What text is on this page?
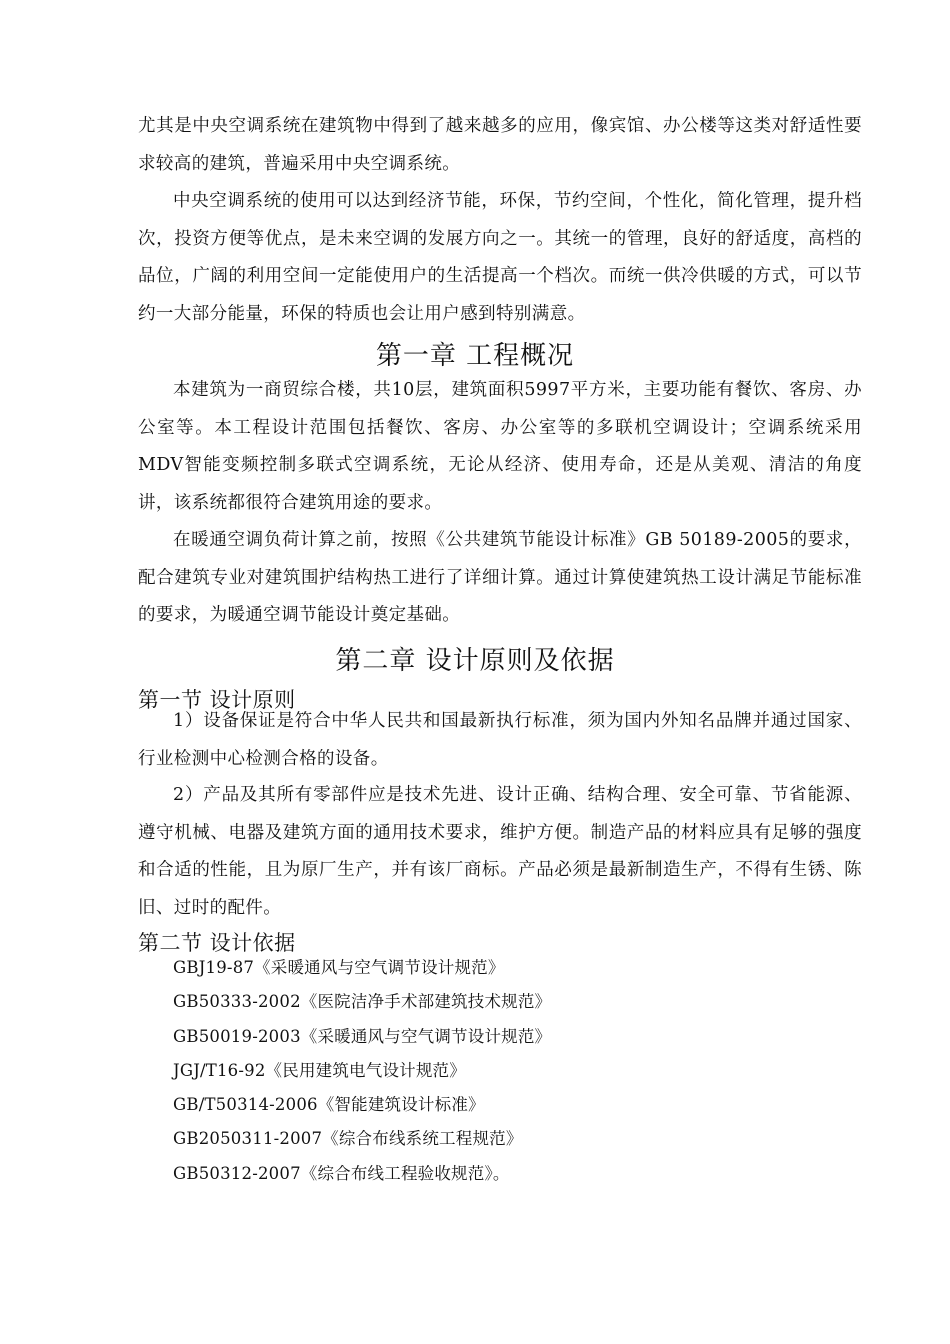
尤其是中央空调系统在建筑物中得到了越来越多的应用，像宾馆、办公楼等这类对舒适性要求较高的建筑，普遍采用中央空调系统。

中央空调系统的使用可以达到经济节能，环保，节约空间，个性化，简化管理，提升档次，投资方便等优点，是未来空调的发展方向之一。其统一的管理，良好的舒适度，高档的品位，广阔的利用空间一定能使用户的生活提高一个档次。而统一供冷供暖的方式，可以节约一大部分能量，环保的特质也会让用户感到特别满意。

第一章 工程概况

本建筑为一商贸综合楼，共10层，建筑面积5997平方米，主要功能有餐饮、客房、办公室等。本工程设计范围包括餐饮、客房、办公室等的多联机空调设计；空调系统采用MDV智能变频控制多联式空调系统，无论从经济、使用寿命，还是从美观、清洁的角度讲，该系统都很符合建筑用途的要求。

在暖通空调负荷计算之前，按照《公共建筑节能设计标准》GB 50189-2005的要求，配合建筑专业对建筑围护结构热工进行了详细计算。通过计算使建筑热工设计满足节能标准的要求，为暖通空调节能设计奠定基础。

第二章 设计原则及依据
第一节 设计原则

1）设备保证是符合中华人民共和国最新执行标准，须为国内外知名品牌并通过国家、行业检测中心检测合格的设备。

2）产品及其所有零部件应是技术先进、设计正确、结构合理、安全可靠、节省能源、遵守机械、电器及建筑方面的通用技术要求，维护方便。制造产品的材料应具有足够的强度和合适的性能，且为原厂生产，并有该厂商标。产品必须是最新制造生产，不得有生锈、陈旧、过时的配件。

第二节 设计依据
GBJ19-87《采暖通风与空气调节设计规范》
GB50333-2002《医院洁净手术部建筑技术规范》
GB50019-2003《采暖通风与空气调节设计规范》
JGJ/T16-92《民用建筑电气设计规范》
GB/T50314-2006《智能建筑设计标准》
GB2050311-2007《综合布线系统工程规范》
GB50312-2007《综合布线工程验收规范》。
